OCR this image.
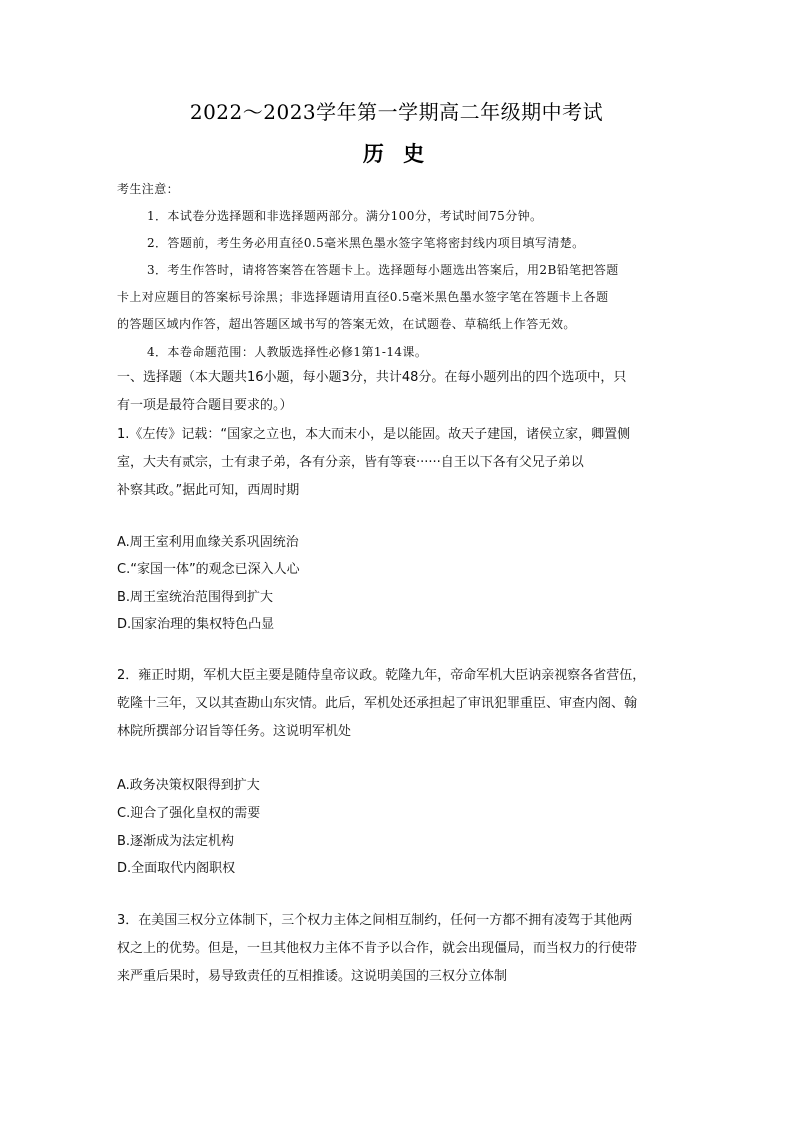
2022～2023学年第一学期高二年级期中考试
历 史
考生注意：
1．本试卷分选择题和非选择题两部分。满分100分，考试时间75分钟。
2．答题前，考生务必用直径0.5毫米黑色墨水签字笔将密封线内项目填写清楚。
3．考生作答时，请将答案答在答题卡上。选择题每小题选出答案后，用2B铅笔把答题
卡上对应题目的答案标号涂黑；非选择题请用直径0.5毫米黑色墨水签字笔在答题卡上各题
的答题区域内作答，超出答题区域书写的答案无效，在试题卷、草稿纸上作答无效。
4．本卷命题范围：人教版选择性必修1第1-14课。
一、选择题（本大题共16小题，每小题3分，共计48分。在每小题列出的四个选项中，只
有一项是最符合题目要求的。）
1.《左传》记载：“国家之立也，本大而末小，是以能固。故天子建国，诸侯立家，卿置侧
室，大夫有贰宗，士有隶子弟，各有分亲，皆有等衰······自王以下各有父兄子弟以
补察其政。”据此可知，西周时期
A.周王室利用血缘关系巩固统治
C.“家国一体”的观念已深入人心
B.周王室统治范围得到扩大
D.国家治理的集权特色凸显
2．雍正时期，军机大臣主要是随侍皇帝议政。乾隆九年，帝命军机大臣讷亲视察各省营伍，
乾隆十三年，又以其查勘山东灾情。此后，军机处还承担起了审讯犯罪重臣、审查内阁、翰
林院所撰部分诏旨等任务。这说明军机处
A.政务决策权限得到扩大
C.迎合了强化皇权的需要
B.逐渐成为法定机构
D.全面取代内阁职权
3．在美国三权分立体制下，三个权力主体之间相互制约，任何一方都不拥有凌驾于其他两
权之上的优势。但是，一旦其他权力主体不肯予以合作，就会出现僵局，而当权力的行使带
来严重后果时，易导致责任的互相推诿。这说明美国的三权分立体制
